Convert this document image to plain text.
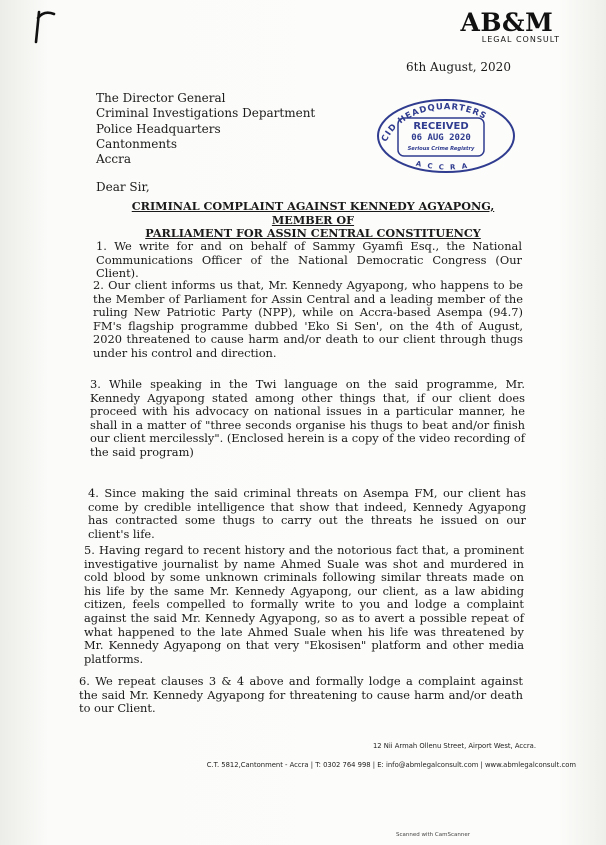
AB&M
LEGAL CONSULT
6th August, 2020
The Director General
Criminal Investigations Department
Police Headquarters
Cantonments
Accra
CID HEADQUARTERS
RECEIVED
06 AUG 2020
Serious Crime Registry
A C C R A
Dear Sir,
CRIMINAL COMPLAINT AGAINST KENNEDY AGYAPONG, MEMBER OF
PARLIAMENT FOR ASSIN CENTRAL CONSTITUENCY
1. We write for and on behalf of Sammy Gyamfi Esq., the National Communications Officer of the National Democratic Congress (Our Client).
2. Our client informs us that, Mr. Kennedy Agyapong, who happens to be the Member of Parliament for Assin Central and a leading member of the ruling New Patriotic Party (NPP), while on Accra-based Asempa (94.7) FM's flagship programme dubbed 'Eko Si Sen', on the 4th of August, 2020 threatened to cause harm and/or death to our client through thugs under his control and direction.
3. While speaking in the Twi language on the said programme, Mr. Kennedy Agyapong stated among other things that, if our client does proceed with his advocacy on national issues in a particular manner, he shall in a matter of "three seconds organise his thugs to beat and/or finish our client mercilessly". (Enclosed herein is a copy of the video recording of the said program)
4. Since making the said criminal threats on Asempa FM, our client has come by credible intelligence that show that indeed, Kennedy Agyapong has contracted some thugs to carry out the threats he issued on our client's life.
5. Having regard to recent history and the notorious fact that, a prominent investigative journalist by name Ahmed Suale was shot and murdered in cold blood by some unknown criminals following similar threats made on his life by the same Mr. Kennedy Agyapong, our client, as a law abiding citizen, feels compelled to formally write to you and lodge a complaint against the said Mr. Kennedy Agyapong, so as to avert a possible repeat of what happened to the late Ahmed Suale when his life was threatened by Mr. Kennedy Agyapong on that very "Ekosisen" platform and other media platforms.
6. We repeat clauses 3 & 4 above and formally lodge a complaint against the said Mr. Kennedy Agyapong for threatening to cause harm and/or death to our Client.
12 Nii Armah Ollenu Street, Airport West, Accra.
C.T. 5812,Cantonment - Accra | T: 0302 764 998 | E: info@abmlegalconsult.com | www.abmlegalconsult.com
Scanned with CamScanner
